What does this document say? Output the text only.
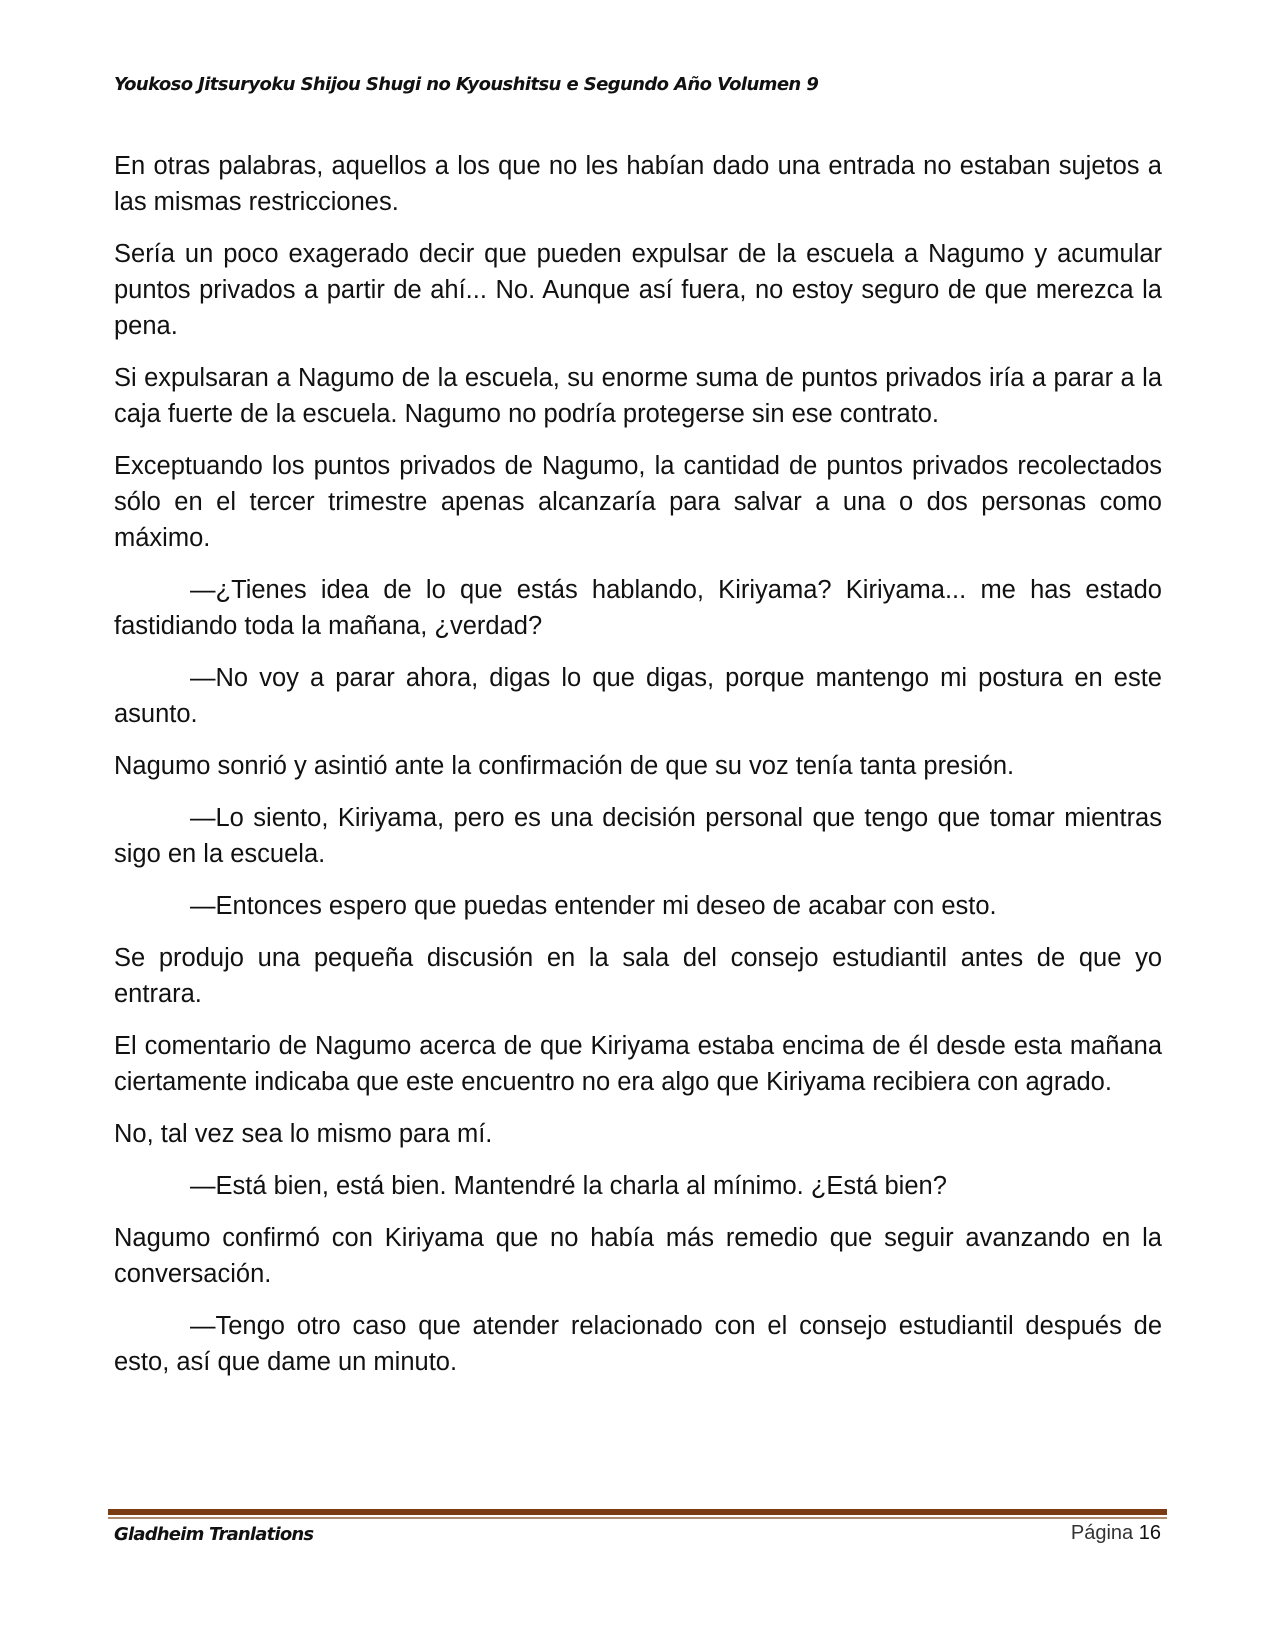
Youkoso Jitsuryoku Shijou Shugi no Kyoushitsu e Segundo Año Volumen 9

En otras palabras, aquellos a los que no les habían dado una entrada no estaban sujetos a las mismas restricciones.

Sería un poco exagerado decir que pueden expulsar de la escuela a Nagumo y acumular puntos privados a partir de ahí... No. Aunque así fuera, no estoy seguro de que merezca la pena.

Si expulsaran a Nagumo de la escuela, su enorme suma de puntos privados iría a parar a la caja fuerte de la escuela. Nagumo no podría protegerse sin ese contrato.

Exceptuando los puntos privados de Nagumo, la cantidad de puntos privados recolectados sólo en el tercer trimestre apenas alcanzaría para salvar a una o dos personas como máximo.

—¿Tienes idea de lo que estás hablando, Kiriyama? Kiriyama... me has estado fastidiando toda la mañana, ¿verdad?

—No voy a parar ahora, digas lo que digas, porque mantengo mi postura en este asunto.

Nagumo sonrió y asintió ante la confirmación de que su voz tenía tanta presión.

—Lo siento, Kiriyama, pero es una decisión personal que tengo que tomar mientras sigo en la escuela.

—Entonces espero que puedas entender mi deseo de acabar con esto.

Se produjo una pequeña discusión en la sala del consejo estudiantil antes de que yo entrara.

El comentario de Nagumo acerca de que Kiriyama estaba encima de él desde esta mañana ciertamente indicaba que este encuentro no era algo que Kiriyama recibiera con agrado.

No, tal vez sea lo mismo para mí.

—Está bien, está bien. Mantendré la charla al mínimo. ¿Está bien?

Nagumo confirmó con Kiriyama que no había más remedio que seguir avanzando en la conversación.

—Tengo otro caso que atender relacionado con el consejo estudiantil después de esto, así que dame un minuto.

Gladheim Tranlations	Página 16
